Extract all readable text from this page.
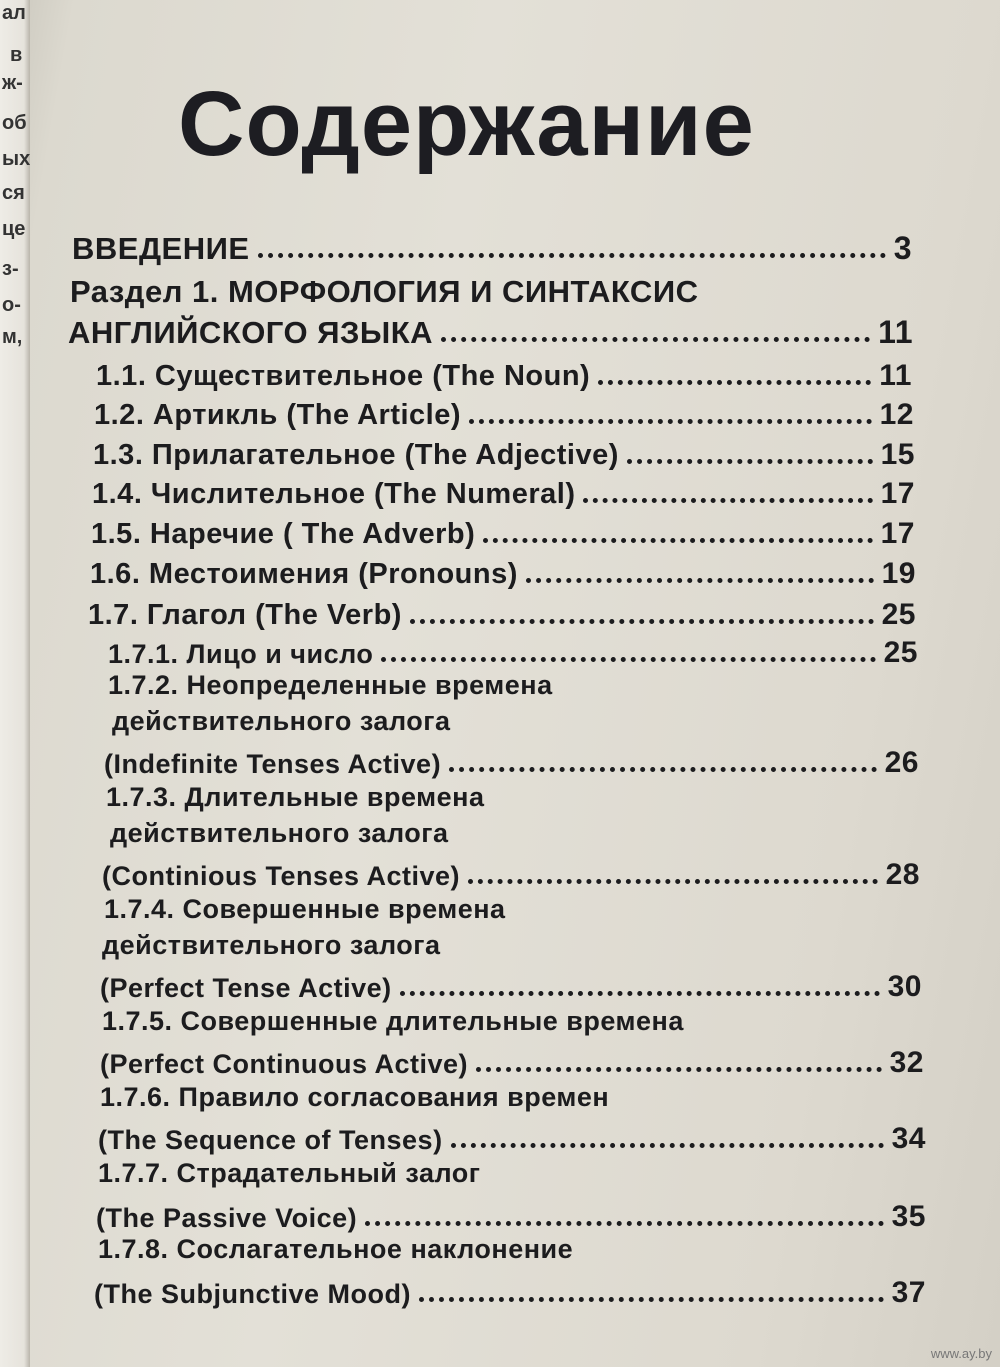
ал
в
ж-
об
ых
ся
це
з-
о-
м,
Содержание
ВВЕДЕНИЕ	3
Раздел 1. МОРФОЛОГИЯ И СИНТАКСИС
АНГЛИЙСКОГО ЯЗЫКА	11
1.1. Существительное (The Noun)	11
1.2. Артикль (The Article)	12
1.3. Прилагательное (The Adjective)	15
1.4. Числительное (The Numeral)	17
1.5. Наречие ( The Adverb)	17
1.6. Местоимения (Pronouns)	19
1.7. Глагол (The Verb)	25
1.7.1. Лицо и число	25
1.7.2. Неопределенные времена
действительного залога
(Indefinite Tenses Active)	26
1.7.3. Длительные времена
действительного залога
(Continious Tenses Active)	28
1.7.4. Совершенные времена
действительного залога
(Perfect Tense Active)	30
1.7.5. Совершенные длительные времена
(Perfect Continuous Active)	32
1.7.6. Правило согласования времен
(The Sequence of Tenses)	34
1.7.7. Страдательный залог
(The Passive Voice)	35
1.7.8. Сослагательное наклонение
(The Subjunctive Mood)	37
www.ay.by
